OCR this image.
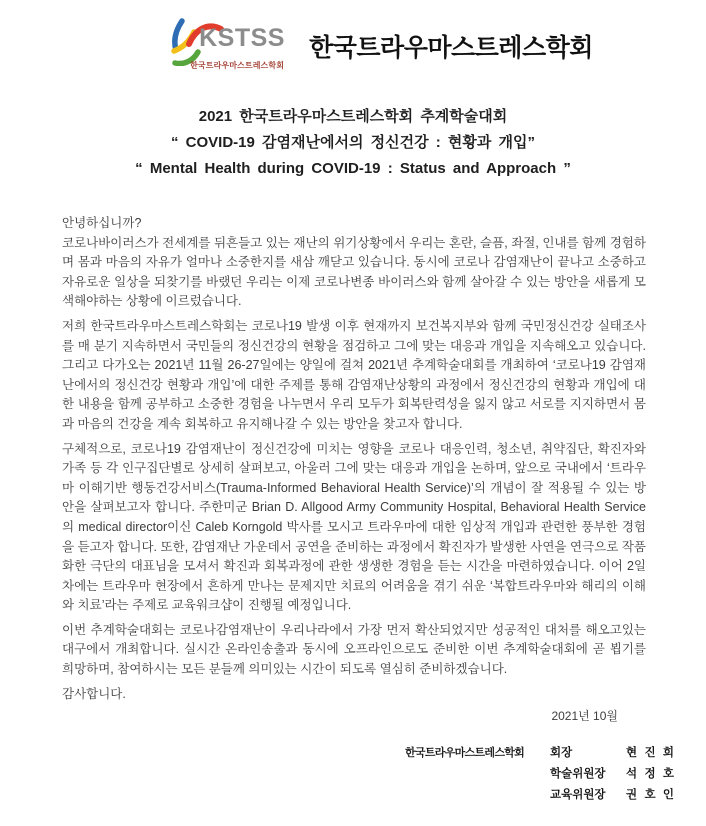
KSTSS
한국트라우마스트레스학회
한국트라우마스트레스학회
2021 한국트라우마스트레스학회 추계학술대회
“ COVID-19 감염재난에서의 정신건강 : 현황과 개입”
“ Mental Health during COVID-19 : Status and Approach ”

안녕하십니까?

코로나바이러스가 전세계를 뒤흔들고 있는 재난의 위기상황에서 우리는 혼란, 슬픔, 좌절, 인내를 함께 경험하며 몸과 마음의 자유가 얼마나 소중한지를 새삼 깨닫고 있습니다. 동시에 코로나 감염재난이 끝나고 소중하고 자유로운 일상을 되찾기를 바랬던 우리는 이제 코로나변종 바이러스와 함께 살아갈 수 있는 방안을 새롭게 모색해야하는 상황에 이르렀습니다.

저희 한국트라우마스트레스학회는 코로나19 발생 이후 현재까지 보건복지부와 함께 국민정신건강 실태조사를 매 분기 지속하면서 국민들의 정신건강의 현황을 점검하고 그에 맞는 대응과 개입을 지속해오고 있습니다. 그리고 다가오는 2021년 11월 26-27일에는 양일에 걸쳐 2021년 추계학술대회를 개최하여 ‘코로나19 감염재난에서의 정신건강 현황과 개입’에 대한 주제를 통해 감염재난상황의 과정에서 정신건강의 현황과 개입에 대한 내용을 함께 공부하고 소중한 경험을 나누면서 우리 모두가 회복탄력성을 잃지 않고 서로를 지지하면서 몸과 마음의 건강을 계속 회복하고 유지해나갈 수 있는 방안을 찾고자 합니다.

구체적으로, 코로나19 감염재난이 정신건강에 미치는 영향을 코로나 대응인력, 청소년, 취약집단, 확진자와 가족 등 각 인구집단별로 상세히 살펴보고, 아울러 그에 맞는 대응과 개입을 논하며, 앞으로 국내에서 ‘트라우마 이해기반 행동건강서비스(Trauma-Informed Behavioral Health Service)’의 개념이 잘 적용될 수 있는 방안을 살펴보고자 합니다. 주한미군 Brian D. Allgood Army Community Hospital, Behavioral Health Service의 medical director이신 Caleb Korngold 박사를 모시고 트라우마에 대한 임상적 개입과 관련한 풍부한 경험을 듣고자 합니다. 또한, 감염재난 가운데서 공연을 준비하는 과정에서 확진자가 발생한 사연을 연극으로 작품화한 극단의 대표님을 모셔서 확진과 회복과정에 관한 생생한 경험을 듣는 시간을 마련하였습니다. 이어 2일차에는 트라우마 현장에서 흔하게 만나는 문제지만 치료의 어려움을 겪기 쉬운 ‘복합트라우마와 해리의 이해와 치료’라는 주제로 교육워크샵이 진행될 예정입니다.

이번 추계학술대회는 코로나감염재난이 우리나라에서 가장 먼저 확산되었지만 성공적인 대처를 해오고있는 대구에서 개최합니다. 실시간 온라인송출과 동시에 오프라인으로도 준비한 이번 추계학술대회에 곧 뵙기를 희망하며, 참여하시는 모든 분들께 의미있는 시간이 되도록 열심히 준비하겠습니다.

감사합니다.

2021년 10월
한국트라우마스트레스학회	회장	현 진 희
학술위원장 석 정 호
교육위원장 권 호 인
